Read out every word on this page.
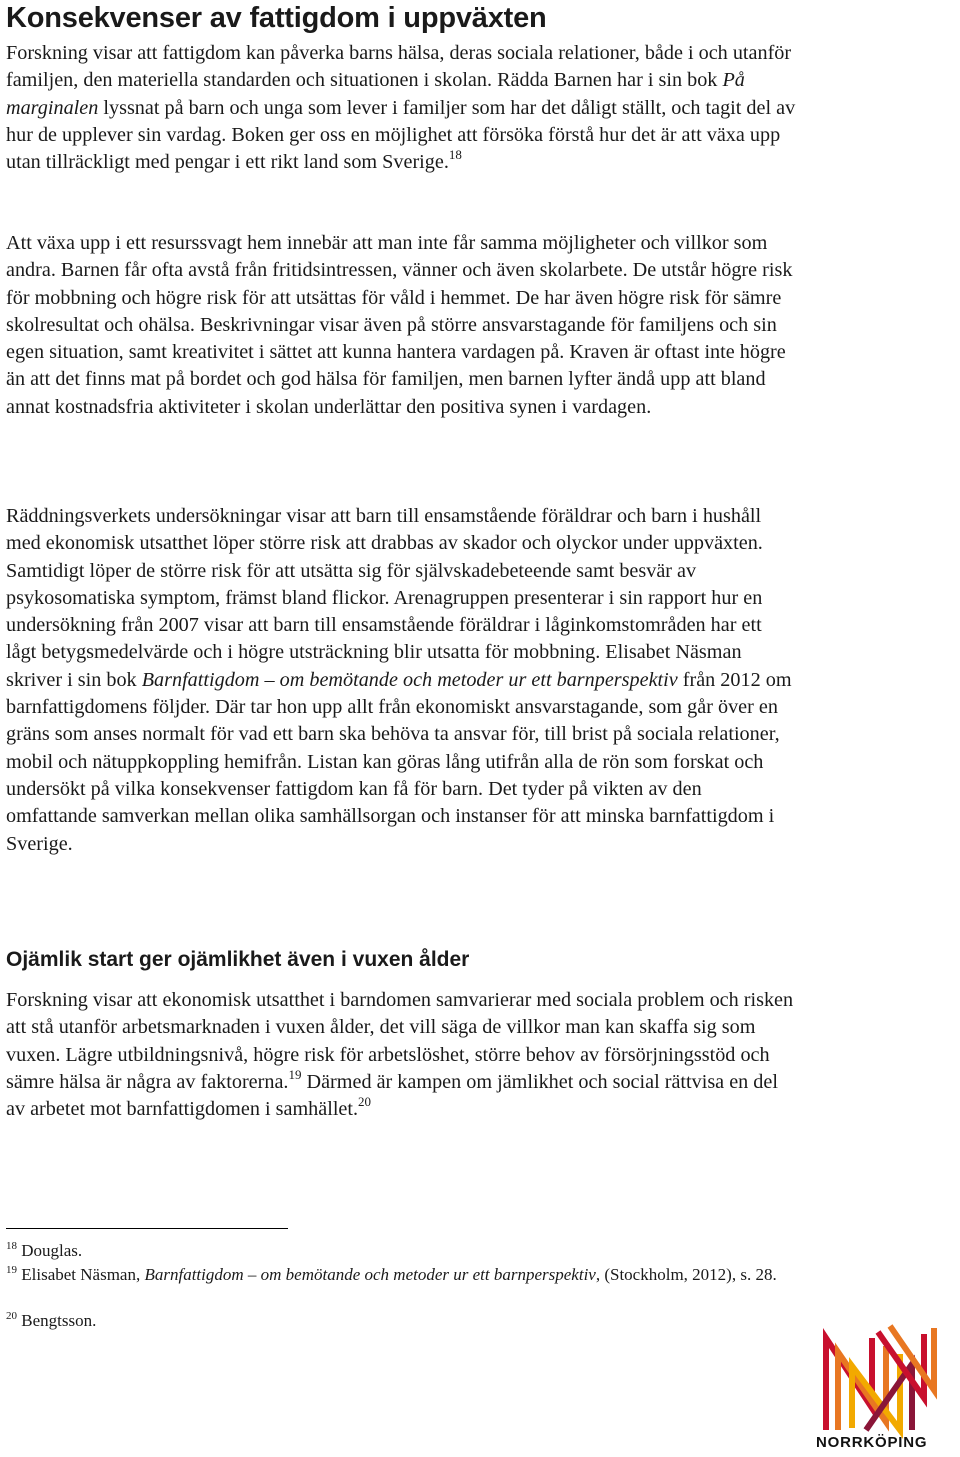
Konsekvenser av fattigdom i uppväxten

Forskning visar att fattigdom kan påverka barns hälsa, deras sociala relationer, både i och utanför familjen, den materiella standarden och situationen i skolan. Rädda Barnen har i sin bok På marginalen lyssnat på barn och unga som lever i familjer som har det dåligt ställt, och tagit del av hur de upplever sin vardag. Boken ger oss en möjlighet att försöka förstå hur det är att växa upp utan tillräckligt med pengar i ett rikt land som Sverige.$^{18}$

Att växa upp i ett resurssvagt hem innebär att man inte får samma möjligheter och villkor som andra. Barnen får ofta avstå från fritidsintressen, vänner och även skolarbete. De utstår högre risk för mobbning och högre risk för att utsättas för våld i hemmet. De har även högre risk för sämre skolresultat och ohälsa. Beskrivningar visar även på större ansvarstagande för familjens och sin egen situation, samt kreativitet i sättet att kunna hantera vardagen på. Kraven är oftast inte högre än att det finns mat på bordet och god hälsa för familjen, men barnen lyfter ändå upp att bland annat kostnadsfria aktiviteter i skolan underlättar den positiva synen i vardagen.

Räddningsverkets undersökningar visar att barn till ensamstående föräldrar och barn i hushåll med ekonomisk utsatthet löper större risk att drabbas av skador och olyckor under uppväxten. Samtidigt löper de större risk för att utsätta sig för självskadebeteende samt besvär av psykosomatiska symptom, främst bland flickor. Arenagruppen presenterar i sin rapport hur en undersökning från 2007 visar att barn till ensamstående föräldrar i låginkomstområden har ett lågt betygsmedelvärde och i högre utsträckning blir utsatta för mobbning. Elisabet Näsman skriver i sin bok Barnfattigdom – om bemötande och metoder ur ett barnperspektiv från 2012 om barnfattigdomens följder. Där tar hon upp allt från ekonomiskt ansvarstagande, som går över en gräns som anses normalt för vad ett barn ska behöva ta ansvar för, till brist på sociala relationer, mobil och nätuppkoppling hemifrån. Listan kan göras lång utifrån alla de rön som forskat och undersökt på vilka konsekvenser fattigdom kan få för barn. Det tyder på vikten av den omfattande samverkan mellan olika samhällsorgan och instanser för att minska barnfattigdom i Sverige.

Ojämlik start ger ojämlikhet även i vuxen ålder

Forskning visar att ekonomisk utsatthet i barndomen samvarierar med sociala problem och risken att stå utanför arbetsmarknaden i vuxen ålder, det vill säga de villkor man kan skaffa sig som vuxen. Lägre utbildningsnivå, högre risk för arbetslöshet, större behov av försörjningsstöd och sämre hälsa är några av faktorerna.$^{19}$ Därmed är kampen om jämlikhet och social rättvisa en del av arbetet mot barnfattigdomen i samhället.$^{20}$

$^{18}$ Douglas.
$^{19}$ Elisabet Näsman, Barnfattigdom – om bemötande och metoder ur ett barnperspektiv, (Stockholm, 2012), s. 28.
$^{20}$ Bengtsson.
NORRKÖPING
